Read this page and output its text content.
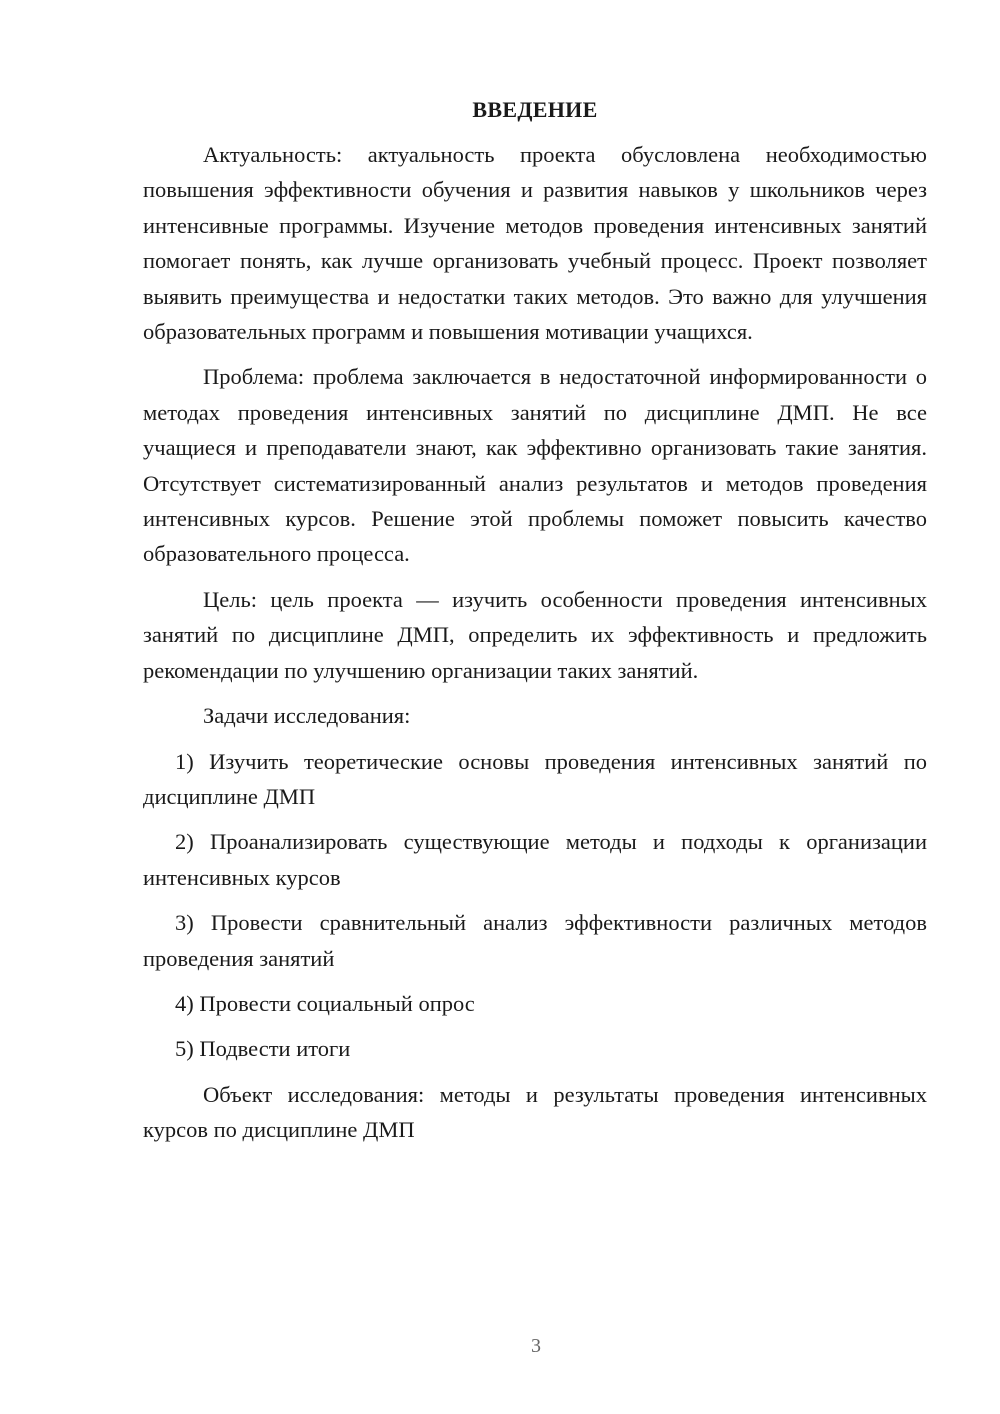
ВВЕДЕНИЕ

Актуальность: актуальность проекта обусловлена необходимостью повышения эффективности обучения и развития навыков у школьников через интенсивные программы. Изучение методов проведения интенсивных занятий помогает понять, как лучше организовать учебный процесс. Проект позволяет выявить преимущества и недостатки таких методов. Это важно для улучшения образовательных программ и повышения мотивации учащихся.

Проблема: проблема заключается в недостаточной информированности о методах проведения интенсивных занятий по дисциплине ДМП. Не все учащиеся и преподаватели знают, как эффективно организовать такие занятия. Отсутствует систематизированный анализ результатов и методов проведения интенсивных курсов. Решение этой проблемы поможет повысить качество образовательного процесса.

Цель: цель проекта — изучить особенности проведения интенсивных занятий по дисциплине ДМП, определить их эффективность и предложить рекомендации по улучшению организации таких занятий.

Задачи исследования:

1) Изучить теоретические основы проведения интенсивных занятий по дисциплине ДМП

2) Проанализировать существующие методы и подходы к организации интенсивных курсов

3) Провести сравнительный анализ эффективности различных методов проведения занятий

4) Провести социальный опрос

5) Подвести итоги

Объект исследования: методы и результаты проведения интенсивных курсов по дисциплине ДМП

3
